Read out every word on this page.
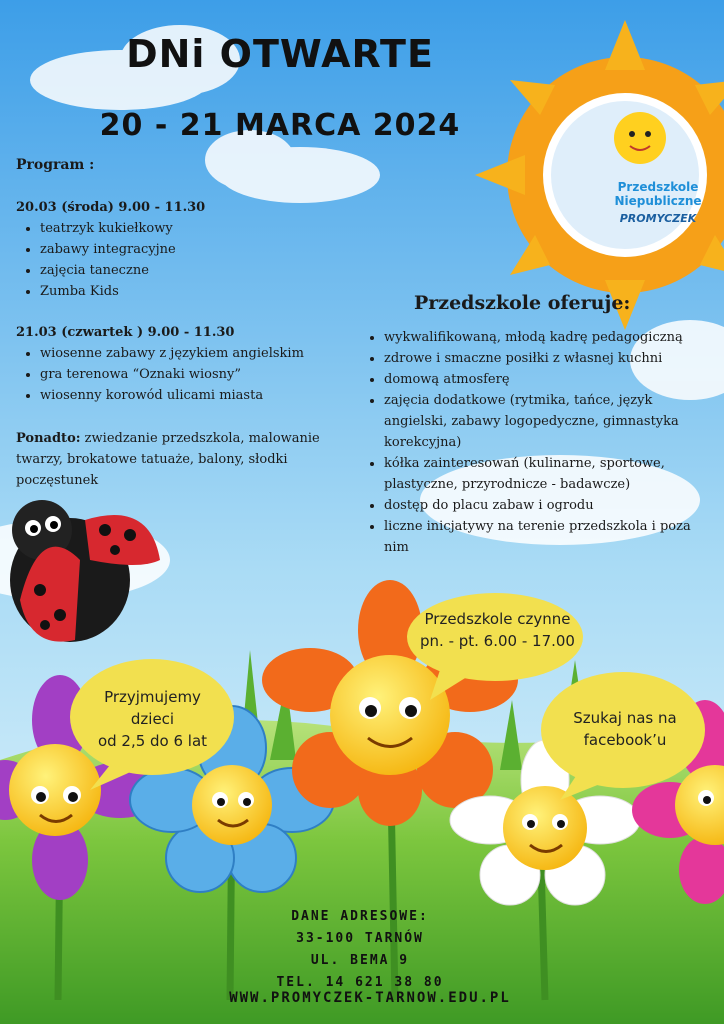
DNi OTWARTE
20 - 21 MARCA 2024
Program :
20.03 (środa) 9.00 - 11.30
• teatrzyk kukiełkowy
• zabawy integracyjne
• zajęcia taneczne
• Zumba Kids
21.03 (czwartek ) 9.00 - 11.30
• wiosenne zabawy z językiem angielskim
• gra terenowa “Oznaki wiosny”
• wiosenny korowód ulicami miasta
Ponadto: zwiedzanie przedszkola, malowanie twarzy, brokatowe tatuaże, balony, słodki poczęstunek
Przedszkole oferuje:
• wykwalifikowaną, młodą kadrę pedagogiczną
• zdrowe i smaczne posiłki z własnej kuchni
• domową atmosferę
• zajęcia dodatkowe (rytmika, tańce, język angielski, zabawy logopedyczne, gimnastyka korekcyjna)
• kółka zainteresowań (kulinarne, sportowe, plastyczne, przyrodnicze - badawcze)
• dostęp do placu zabaw i ogrodu
• liczne inicjatywy na terenie przedszkola i poza nim
Przedszkole
Niepubliczne
PROMYCZEK
Przedszkole czynne
pn. - pt. 6.00 - 17.00
Przyjmujemy
dzieci
od 2,5 do 6 lat
Szukaj nas na
facebook’u
DANE ADRESOWE:
33-100 TARNÓW
UL. BEMA 9
TEL. 14 621 38 80
WWW.PROMYCZEK-TARNOW.EDU.PL
